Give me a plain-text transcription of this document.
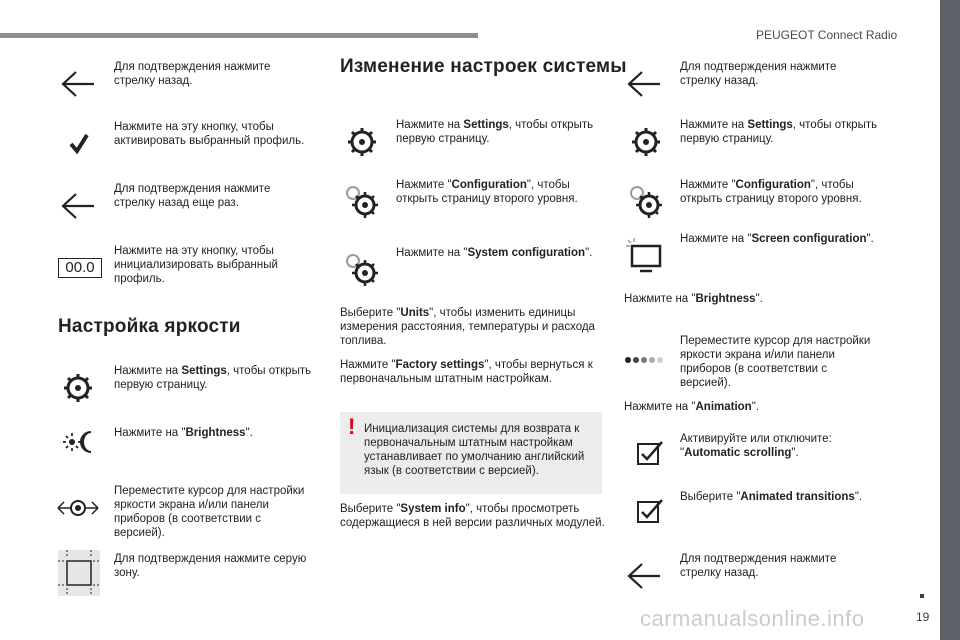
PEUGEOT Connect Radio
19
carmanualsonline.info
Для подтверждения нажмите стрелку назад.
Нажмите на эту кнопку, чтобы активировать выбранный профиль.
Для подтверждения нажмите стрелку назад еще раз.
00.0
Нажмите на эту кнопку, чтобы инициализировать выбранный профиль.
Настройка яркости
Нажмите на Settings, чтобы открыть первую страницу.
Нажмите на "Brightness".
Переместите курсор для настройки яркости экрана и/или панели приборов (в соответствии с версией).
Для подтверждения нажмите серую зону.
Изменение настроек системы
Нажмите на Settings, чтобы открыть первую страницу.
Нажмите "Configuration", чтобы открыть страницу второго уровня.
Нажмите на "System configuration".
Выберите "Units", чтобы изменить единицы измерения расстояния, температуры и расхода топлива.
Нажмите "Factory settings", чтобы вернуться к первоначальным штатным настройкам.
! Инициализация системы для возврата к первоначальным штатным настройкам устанавливает по умолчанию английский язык (в соответствии с версией).
Выберите "System info", чтобы просмотреть содержащиеся в ней версии различных модулей.
Для подтверждения нажмите стрелку назад.
Нажмите на Settings, чтобы открыть первую страницу.
Нажмите "Configuration", чтобы открыть страницу второго уровня.
Нажмите на "Screen configuration".
Нажмите на "Brightness".
Переместите курсор для настройки яркости экрана и/или панели приборов (в соответствии с версией).
Нажмите на "Animation".
Активируйте или отключите: "Automatic scrolling".
Выберите "Animated transitions".
Для подтверждения нажмите стрелку назад.
